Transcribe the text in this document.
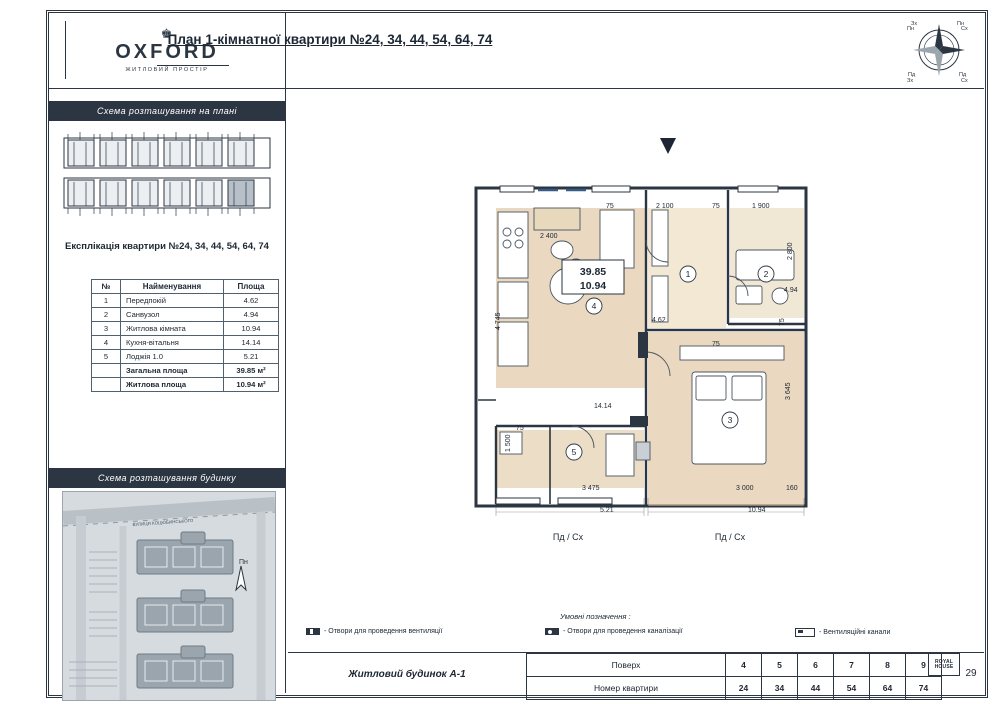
♚
OXFORD
ЖИТЛОВИЙ ПРОСТІР
Схема розташування на плані
Експлікація квартири №24, 34, 44, 54, 64, 74
№	Найменування	Площа
1	Передпокій	4.62
2	Санвузол	4.94
3	Житлова кімната	10.94
4	Кухня-вітальня	14.14
5	Лоджія 1.0	5.21
	Загальна площа	39.85 м²
	Житлова площа	10.94 м²
Схема розташування будинку
Пн
ВУЛИЦЯ КОЦЮБИНСЬКОГО
План 1-кімнатної квартири №24, 34, 44, 54, 64, 74
Зх
Пн
Пн
Сх
Пд
Зх
Пд
Сх
39.85
10.94
1	2
3
4
5
75	2 100	75	1 900
2 400
2 800
4 745
4.94
4.62	75
75
3 645
1 500
75
3 475	3 000	160
14.14
5.21	10.94
Пд / Сх	Пд / Сх
Умовні позначення :
- Отвори для проведення вентиляції	- Отвори для проведення каналізації	- Вентиляційні канали
Житловий будинок А-1
Поверх	4	5	6	7	8	9
Номер квартири	24	34	44	54	64	74
ROYAL
HOUSE
29
